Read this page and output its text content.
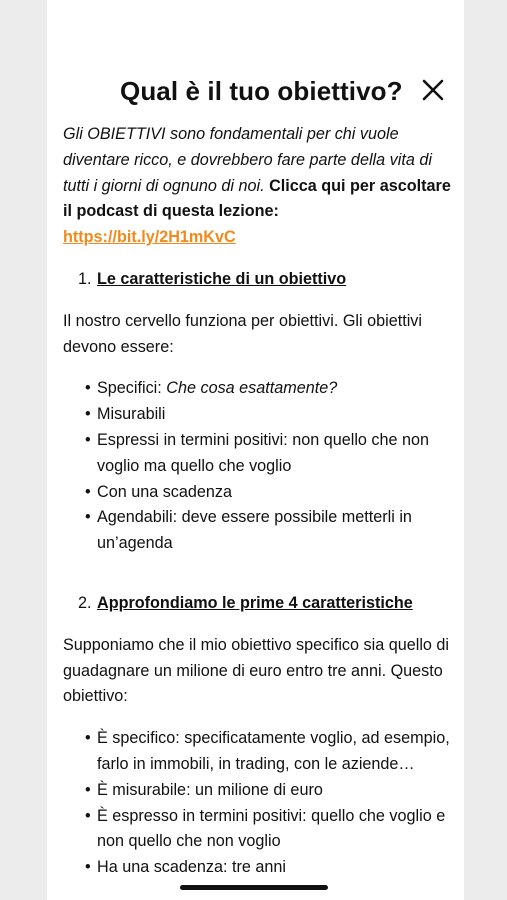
Qual è il tuo obiettivo?

Gli OBIETTIVI sono fondamentali per chi vuole diventare ricco, e dovrebbero fare parte della vita di tutti i giorni di ognuno di noi. Clicca qui per ascoltare il podcast di questa lezione: https://bit.ly/2H1mKvC

1. Le caratteristiche di un obiettivo

Il nostro cervello funziona per obiettivi. Gli obiettivi devono essere:

• Specifici: Che cosa esattamente?
• Misurabili
• Espressi in termini positivi: non quello che non voglio ma quello che voglio
• Con una scadenza
• Agendabili: deve essere possibile metterli in un’agenda
2. Approfondiamo le prime 4 caratteristiche

Supponiamo che il mio obiettivo specifico sia quello di guadagnare un milione di euro entro tre anni. Questo obiettivo:

• È specifico: specificatamente voglio, ad esempio, farlo in immobili, in trading, con le aziende…
• È misurabile: un milione di euro
• È espresso in termini positivi: quello che voglio e non quello che non voglio
• Ha una scadenza: tre anni
